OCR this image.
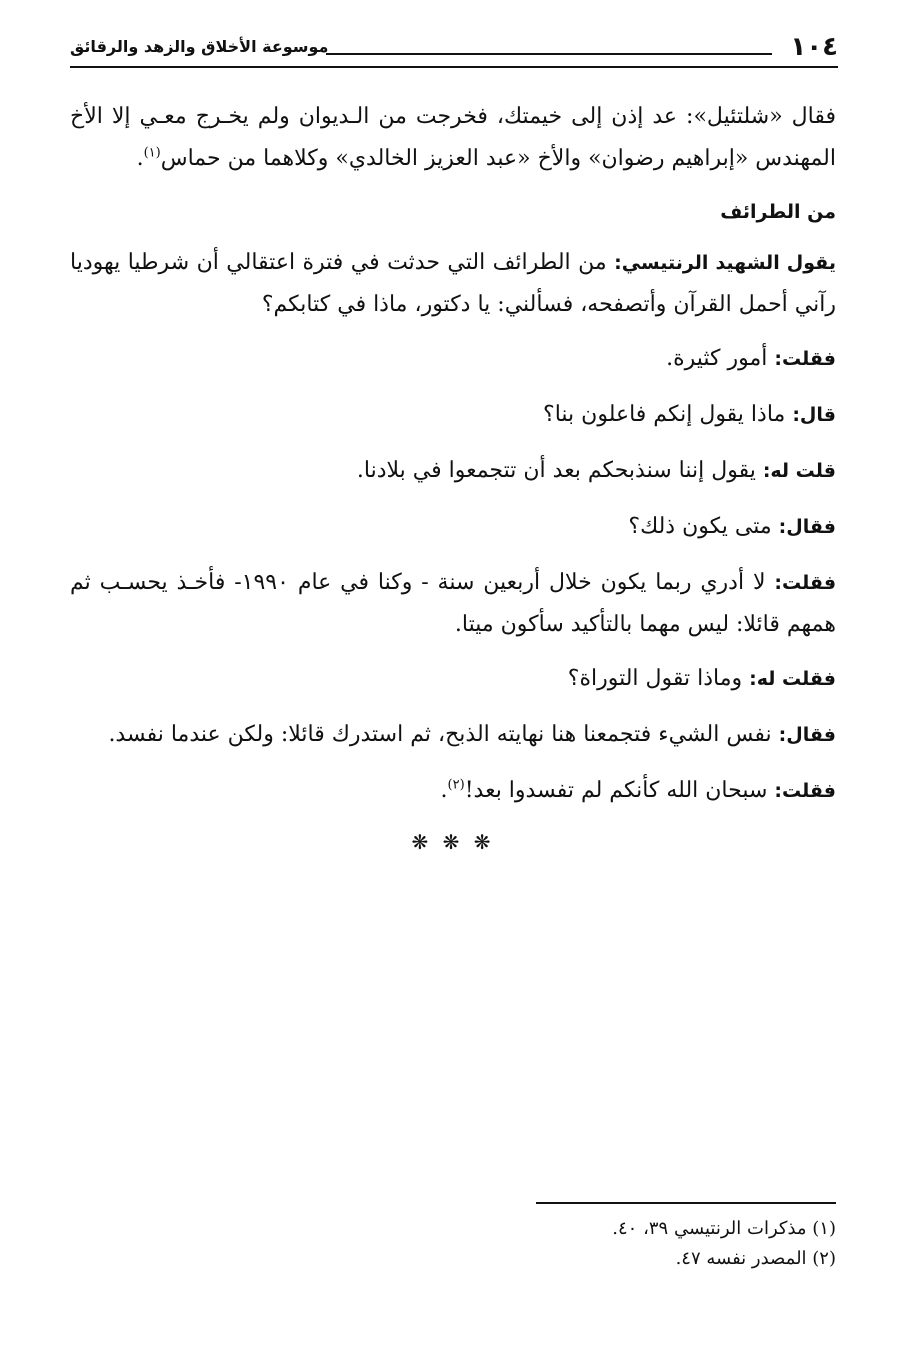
١٠٤
موسوعة الأخلاق والزهد والرقائق

فقال «شلتئيل»: عد إذن إلى خيمتك، فخرجت من الـديوان ولم يخـرج معـي إلا الأخ المهندس «إبراهيم رضوان» والأخ «عبد العزيز الخالدي» وكلاهما من حماس$^{(١)}$.

من الطرائف

يقول الشهيد الرنتيسي: من الطرائف التي حدثت في فترة اعتقالي أن شرطيا يهوديا رآني أحمل القرآن وأتصفحه، فسألني: يا دكتور، ماذا في كتابكم؟

فقلت: أمور كثيرة.

قال: ماذا يقول إنكم فاعلون بنا؟

قلت له: يقول إننا سنذبحكم بعد أن تتجمعوا في بلادنا.

فقال: متى يكون ذلك؟

فقلت: لا أدري ربما يكون خلال أربعين سنة - وكنا في عام ١٩٩٠- فأخـذ يحسـب ثم همهم قائلا: ليس مهما بالتأكيد سأكون ميتا.

فقلت له: وماذا تقول التوراة؟

فقال: نفس الشيء فتجمعنا هنا نهايته الذبح، ثم استدرك قائلا: ولكن عندما نفسد.

فقلت: سبحان الله كأنكم لم تفسدوا بعد!$^{(٢)}$.

❋ ❋ ❋

(١) مذكرات الرنتيسي ٣٩، ٤٠.

(٢) المصدر نفسه ٤٧.
